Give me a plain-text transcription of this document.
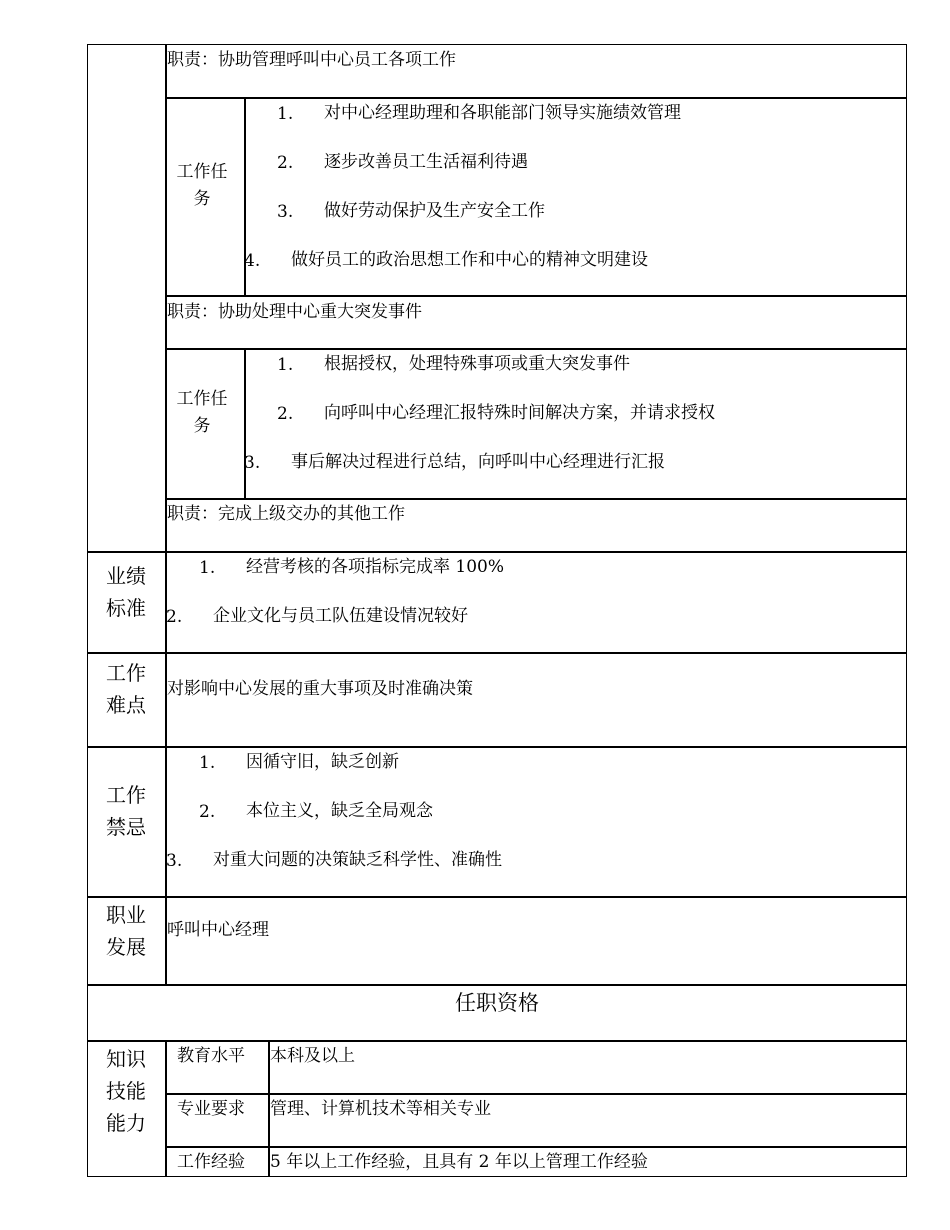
职责：协助管理呼叫中心员工各项工作
工作任务
1. 对中心经理助理和各职能部门领导实施绩效管理
2. 逐步改善员工生活福利待遇
3. 做好劳动保护及生产安全工作
4. 做好员工的政治思想工作和中心的精神文明建设
职责：协助处理中心重大突发事件
工作任务
1. 根据授权，处理特殊事项或重大突发事件
2. 向呼叫中心经理汇报特殊时间解决方案，并请求授权
3. 事后解决过程进行总结，向呼叫中心经理进行汇报
职责：完成上级交办的其他工作
业绩标准
1. 经营考核的各项指标完成率 100%
2. 企业文化与员工队伍建设情况较好
工作难点
对影响中心发展的重大事项及时准确决策
工作禁忌
1. 因循守旧，缺乏创新
2. 本位主义，缺乏全局观念
3. 对重大问题的决策缺乏科学性、准确性
职业发展
呼叫中心经理
任职资格
知识技能能力
教育水平 本科及以上
专业要求 管理、计算机技术等相关专业
工作经验 5 年以上工作经验，且具有 2 年以上管理工作经验
